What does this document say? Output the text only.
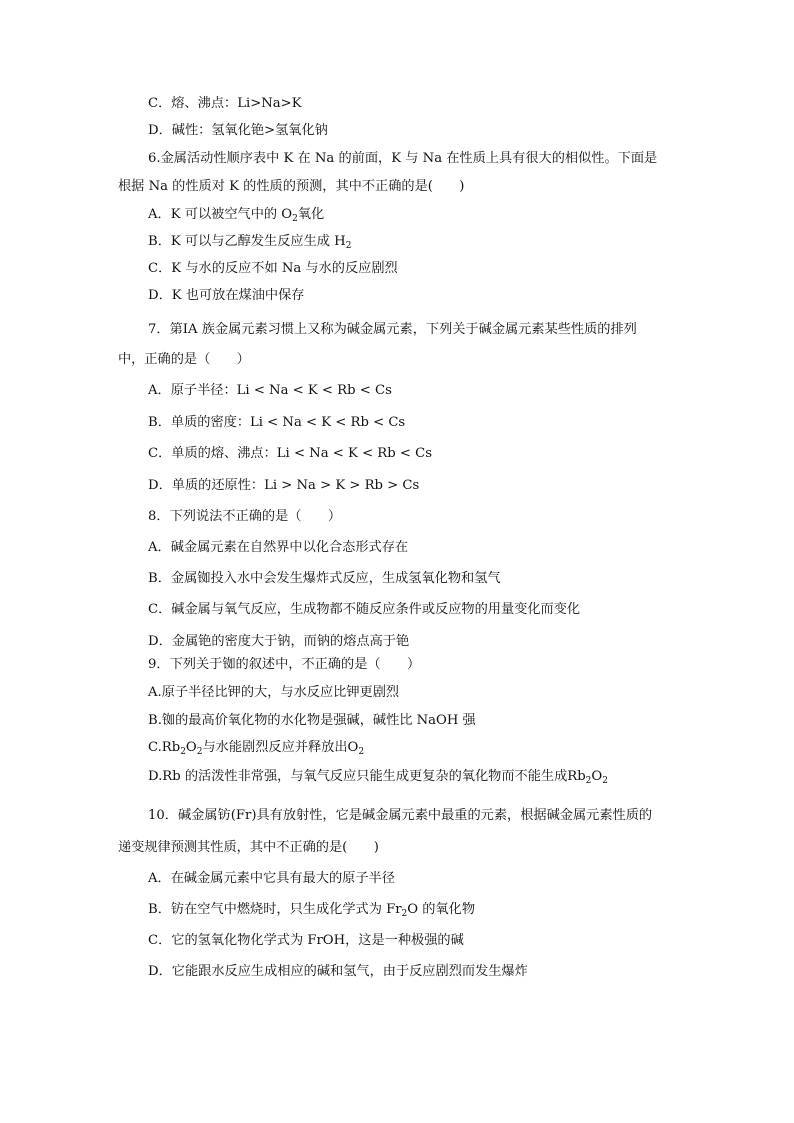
C．熔、沸点：Li>Na>K
D．碱性：氢氧化铯>氢氧化钠
6.金属活动性顺序表中 K 在 Na 的前面，K 与 Na 在性质上具有很大的相似性。下面是
根据 Na 的性质对 K 的性质的预测，其中不正确的是(　　)
A．K 可以被空气中的 $O_2$氧化
B．K 可以与乙醇发生反应生成 $H_2$
C．K 与水的反应不如 Na 与水的反应剧烈
D．K 也可放在煤油中保存
7．第ⅠA 族金属元素习惯上又称为碱金属元素，下列关于碱金属元素某些性质的排列
中，正确的是（　　）
A．原子半径：Li < Na < K < Rb < Cs
B．单质的密度：Li < Na < K < Rb < Cs
C．单质的熔、沸点：Li < Na < K < Rb < Cs
D．单质的还原性：Li > Na > K > Rb > Cs
8．下列说法不正确的是（　　）
A．碱金属元素在自然界中以化合态形式存在
B．金属铷投入水中会发生爆炸式反应，生成氢氧化物和氢气
C．碱金属与氧气反应，生成物都不随反应条件或反应物的用量变化而变化
D．金属铯的密度大于钠，而钠的熔点高于铯
9．下列关于铷的叙述中，不正确的是（　　）
A.原子半径比钾的大，与水反应比钾更剧烈
B.铷的最高价氧化物的水化物是强碱，碱性比 NaOH 强
$C.Rb_2O_2$与水能剧烈反应并释放出$O_2$
D.Rb 的活泼性非常强，与氧气反应只能生成更复杂的氧化物而不能生成$Rb_2O_2$
10．碱金属钫(Fr)具有放射性，它是碱金属元素中最重的元素，根据碱金属元素性质的
递变规律预测其性质，其中不正确的是(　　)
A．在碱金属元素中它具有最大的原子半径
B．钫在空气中燃烧时，只生成化学式为 $Fr_2O$ 的氧化物
C．它的氢氧化物化学式为 FrOH，这是一种极强的碱
D．它能跟水反应生成相应的碱和氢气，由于反应剧烈而发生爆炸
